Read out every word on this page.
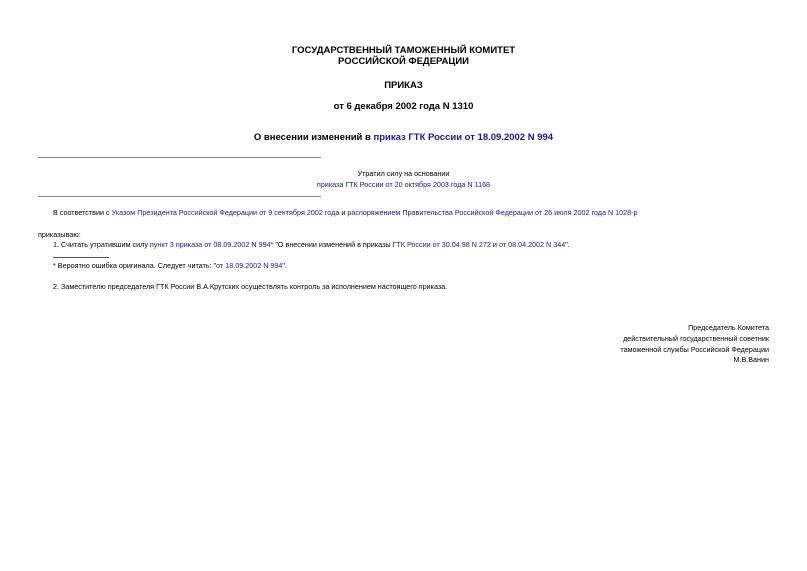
ГОСУДАРСТВЕННЫЙ ТАМОЖЕННЫЙ КОМИТЕТ
РОССИЙСКОЙ ФЕДЕРАЦИИ
ПРИКАЗ
от 6 декабря 2002 года N 1310
О внесении изменений в приказ ГТК России от 18.09.2002 N 994
Утратил силу на основании
приказа ГТК России от 20 октября 2003 года N 1168
В соответствии с Указом Президента Российской Федерации от 9 сентября 2002 года и распоряжением Правительства Российской Федерации от 26 июля 2002 года N 1028-р
приказываю:
1. Считать утратившим силу пункт 3 приказа от 08.09.2002 N 994* "О внесении изменений в приказы ГТК России от 30.04.98 N 272 и от 08.04.2002 N 344".
* Вероятно ошибка оригинала. Следует читать: "от 18.09.2002 N 994".
2. Заместителю председателя ГТК России В.А.Крутских осуществлять контроль за исполнением настоящего приказа.
Председатель Комитета
действительный государственный советник
таможенной службы Российской Федерации
М.В.Ванин
